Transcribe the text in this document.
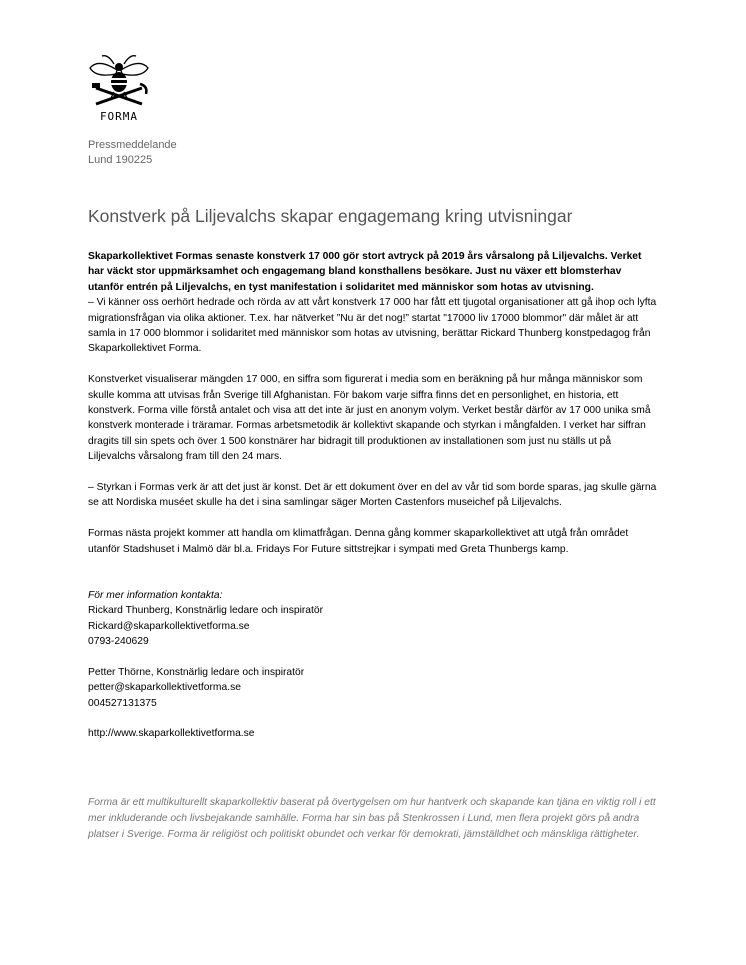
FORMA
Pressmeddelande
Lund 190225
Konstverk på Liljevalchs skapar engagemang kring utvisningar

Skaparkollektivet Formas senaste konstverk 17 000 gör stort avtryck på 2019 års vårsalong på Liljevalchs. Verket har väckt stor uppmärksamhet och engagemang bland konsthallens besökare. Just nu växer ett blomsterhav utanför entrén på Liljevalchs, en tyst manifestation i solidaritet med människor som hotas av utvisning.

– Vi känner oss oerhört hedrade och rörda av att vårt konstverk 17 000 har fått ett tjugotal organisationer att gå ihop och lyfta migrationsfrågan via olika aktioner. T.ex. har nätverket ”Nu är det nog!” startat "17000 liv 17000 blommor" där målet är att samla in 17 000 blommor i solidaritet med människor som hotas av utvisning, berättar Rickard Thunberg konstpedagog från Skaparkollektivet Forma.

Konstverket visualiserar mängden 17 000, en siffra som figurerat i media som en beräkning på hur många människor som skulle komma att utvisas från Sverige till Afghanistan. För bakom varje siffra finns det en personlighet, en historia, ett konstverk. Forma ville förstå antalet och visa att det inte är just en anonym volym. Verket består därför av 17 000 unika små konstverk monterade i träramar. Formas arbetsmetodik är kollektivt skapande och styrkan i mångfalden. I verket har siffran dragits till sin spets och över 1 500 konstnärer har bidragit till produktionen av installationen som just nu ställs ut på Liljevalchs vårsalong fram till den 24 mars.

– Styrkan i Formas verk är att det just är konst. Det är ett dokument över en del av vår tid som borde sparas, jag skulle gärna se att Nordiska muséet skulle ha det i sina samlingar säger Morten Castenfors museichef på Liljevalchs.

Formas nästa projekt kommer att handla om klimatfrågan. Denna gång kommer skaparkollektivet att utgå från området utanför Stadshuset i Malmö där bl.a. Fridays For Future sittstrejkar i sympati med Greta Thunbergs kamp.

För mer information kontakta:

Rickard Thunberg, Konstnärlig ledare och inspiratör

Rickard@skaparkollektivetforma.se

0793-240629

Petter Thörne, Konstnärlig ledare och inspiratör

petter@skaparkollektivetforma.se

004527131375

http://www.skaparkollektivetforma.se

Forma är ett multikulturellt skaparkollektiv baserat på övertygelsen om hur hantverk och skapande kan tjäna en viktig roll i ett mer inkluderande och livsbejakande samhälle. Forma har sin bas på Stenkrossen i Lund, men flera projekt görs på andra platser i Sverige. Forma är religiöst och politiskt obundet och verkar för demokrati, jämställdhet och mänskliga rättigheter.
